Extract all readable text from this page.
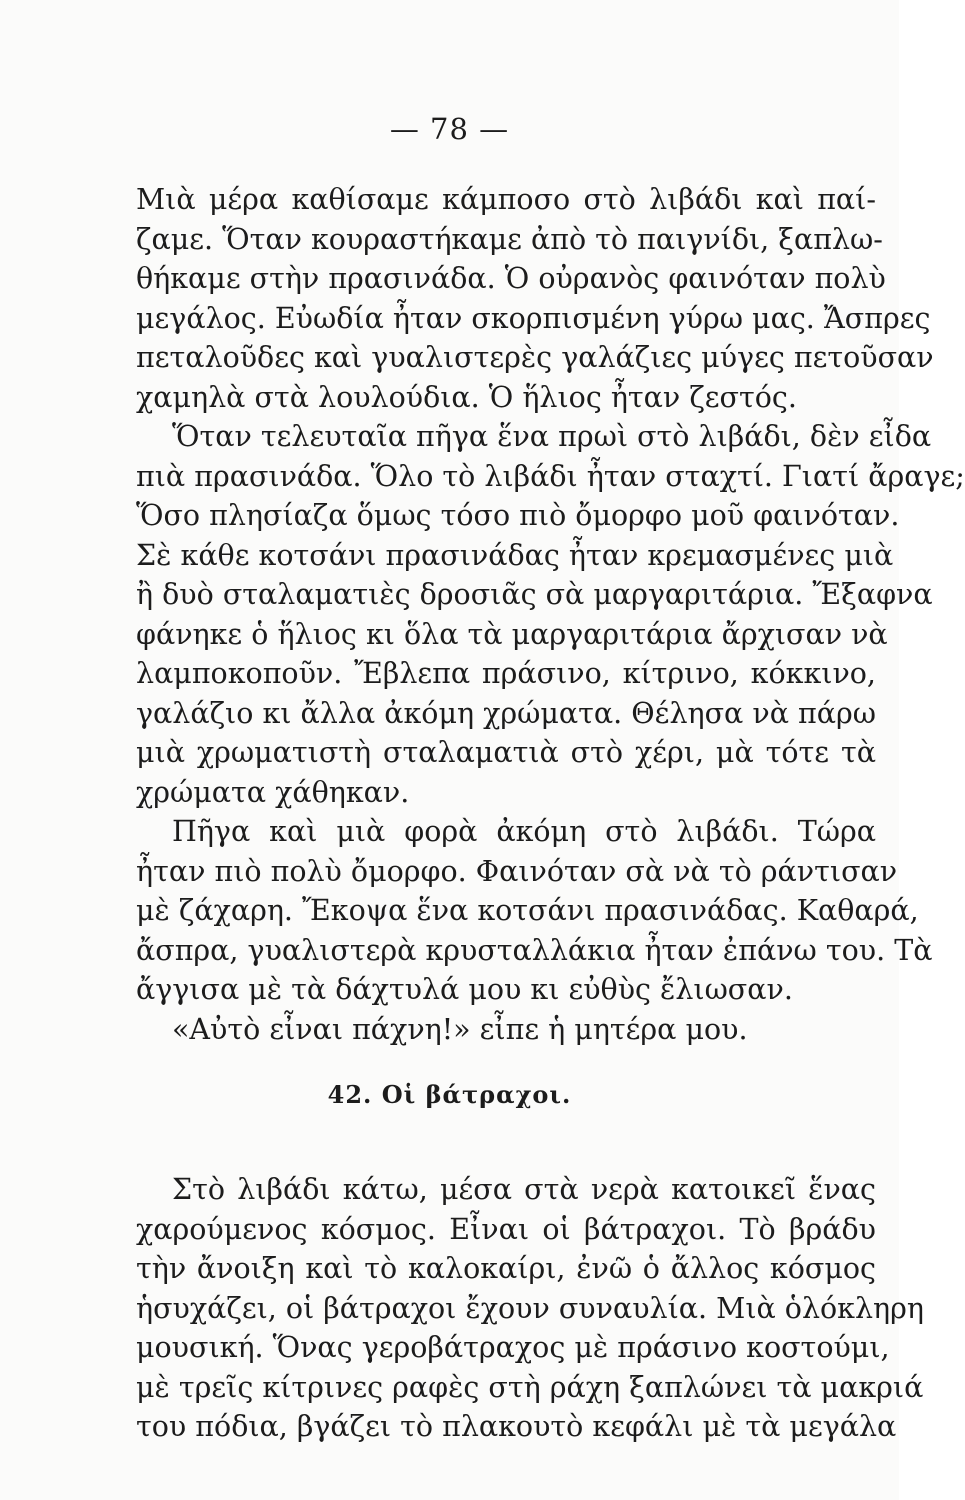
— 78 —
Μιὰ μέρα καθίσαμε κάμποσο στὸ λιβάδι καὶ παί-
ζαμε. Ὅταν κουραστήκαμε ἀπὸ τὸ παιγνίδι, ξαπλω-
θήκαμε στὴν πρασινάδα. Ὁ οὐρανὸς φαινόταν πολὺ
μεγάλος. Εὐωδία ἦταν σκορπισμένη γύρω μας. Ἄσπρες
πεταλοῦδες καὶ γυαλιστερὲς γαλάζιες μύγες πετοῦσαν
χαμηλὰ στὰ λουλούδια. Ὁ ἥλιος ἦταν ζεστός.
Ὅταν τελευταῖα πῆγα ἕνα πρωὶ στὸ λιβάδι, δὲν εἶδα
πιὰ πρασινάδα. Ὅλο τὸ λιβάδι ἦταν σταχτί. Γιατί ἄραγε;
Ὅσο πλησίαζα ὅμως τόσο πιὸ ὄμορφο μοῦ φαινόταν.
Σὲ κάθε κοτσάνι πρασινάδας ἦταν κρεμασμένες μιὰ
ἢ δυὸ σταλαματιὲς δροσιᾶς σὰ μαργαριτάρια. Ἔξαφνα
φάνηκε ὁ ἥλιος κι ὅλα τὰ μαργαριτάρια ἄρχισαν νὰ
λαμποκοποῦν. Ἔβλεπα πράσινο, κίτρινο, κόκκινο,
γαλάζιο κι ἄλλα ἀκόμη χρώματα. Θέλησα νὰ πάρω
μιὰ χρωματιστὴ σταλαματιὰ στὸ χέρι, μὰ τότε τὰ
χρώματα χάθηκαν.
Πῆγα καὶ μιὰ φορὰ ἀκόμη στὸ λιβάδι. Τώρα
ἦταν πιὸ πολὺ ὄμορφο. Φαινόταν σὰ νὰ τὸ ράντισαν
μὲ ζάχαρη. Ἔκοψα ἕνα κοτσάνι πρασινάδας. Καθαρά,
ἄσπρα, γυαλιστερὰ κρυσταλλάκια ἦταν ἐπάνω του. Τὰ
ἄγγισα μὲ τὰ δάχτυλά μου κι εὐθὺς ἔλιωσαν.
«Αὐτὸ εἶναι πάχνη!» εἶπε ἡ μητέρα μου.
42. Οἱ βάτραχοι.
Στὸ λιβάδι κάτω, μέσα στὰ νερὰ κατοικεῖ ἕνας
χαρούμενος κόσμος. Εἶναι οἱ βάτραχοι. Τὸ βράδυ
τὴν ἄνοιξη καὶ τὸ καλοκαίρι, ἐνῶ ὁ ἄλλος κόσμος
ἡσυχάζει, οἱ βάτραχοι ἔχουν συναυλία. Μιὰ ὁλόκληρη
μουσική. Ὅνας γεροβάτραχος μὲ πράσινο κοστούμι,
μὲ τρεῖς κίτρινες ραφὲς στὴ ράχη ξαπλώνει τὰ μακριά
του πόδια, βγάζει τὸ πλακουτὸ κεφάλι μὲ τὰ μεγάλα
